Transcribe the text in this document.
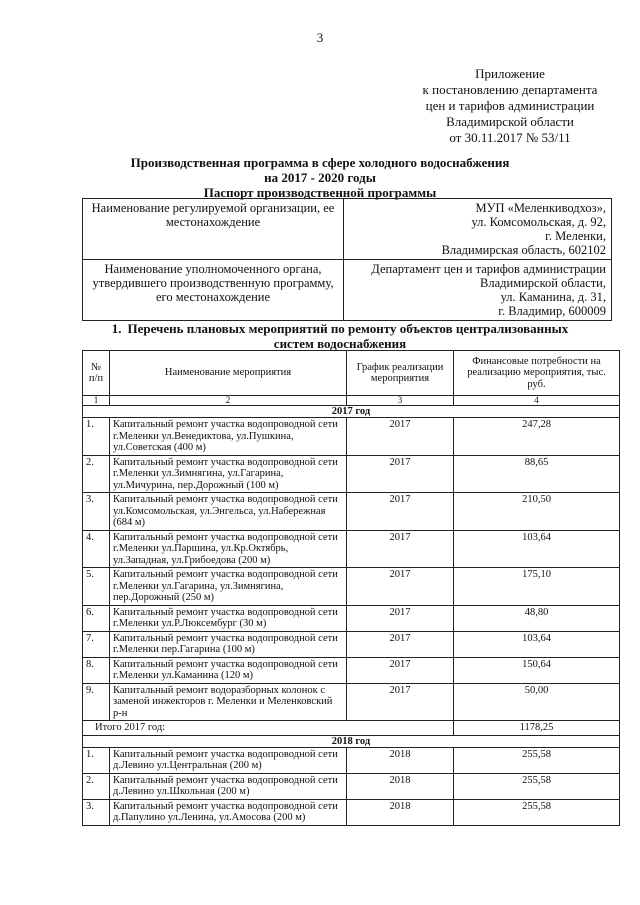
3
Приложение
к постановлению департамента
цен и тарифов администрации
Владимирской области
от 30.11.2017 № 53/11
Производственная программа в сфере холодного водоснабжения
на 2017 - 2020 годы
Паспорт производственной программы
Наименование регулируемой организации, ее местонахождение	МУП «Меленкиводхоз»,
ул. Комсомольская, д. 92,
г. Меленки,
Владимирская область, 602102

Наименование уполномоченного органа, утвердившего производственную программу, его местонахождение	Департамент цен и тарифов администрации
Владимирской области,
ул. Каманина, д. 31,
г. Владимир, 600009
1. Перечень плановых мероприятий по ремонту объектов централизованных
систем водоснабжения
№ п/п	Наименование мероприятия	График реализации мероприятия	Финансовые потребности на реализацию мероприятия, тыс. руб.
1	2	3	4
2017 год			
1.	Капитальный ремонт участка водопроводной сети г.Меленки ул.Венедиктова, ул.Пушкина, ул.Советская (400 м)	2017	247,28
2.	Капитальный ремонт участка водопроводной сети г.Меленки ул.Зимнягина, ул.Гагарина, ул.Мичурина, пер.Дорожный (100 м)	2017	88,65
3.	Капитальный ремонт участка водопроводной сети ул.Комсомольская, ул.Энгельса, ул.Набережная (684 м)	2017	210,50
4.	Капитальный ремонт участка водопроводной сети г.Меленки ул.Паршина, ул.Кр.Октябрь, ул.Западная, ул.Грибоедова (200 м)	2017	103,64
5.	Капитальный ремонт участка водопроводной сети г.Меленки ул.Гагарина, ул.Зимнягина, пер.Дорожный (250 м)	2017	175,10
6.	Капитальный ремонт участка водопроводной сети г.Меленки ул.Р.Люксембург (30 м)	2017	48,80
7.	Капитальный ремонт участка водопроводной сети г.Меленки пер.Гагарина (100 м)	2017	103,64
8.	Капитальный ремонт участка водопроводной сети г.Меленки ул.Каманина (120 м)	2017	150,64
9.	Капитальный ремонт водоразборных колонок с заменой инжекторов г. Меленки и Меленковский р-н	2017	50,00
Итого 2017 год:			1178,25
2018 год			
1.	Капитальный ремонт участка водопроводной сети д.Левино ул.Центральная (200 м)	2018	255,58
2.	Капитальный ремонт участка водопроводной сети д.Левино ул.Школьная (200 м)	2018	255,58
3.	Капитальный ремонт участка водопроводной сети д.Папулино ул.Ленина, ул.Амосова (200 м)	2018	255,58
